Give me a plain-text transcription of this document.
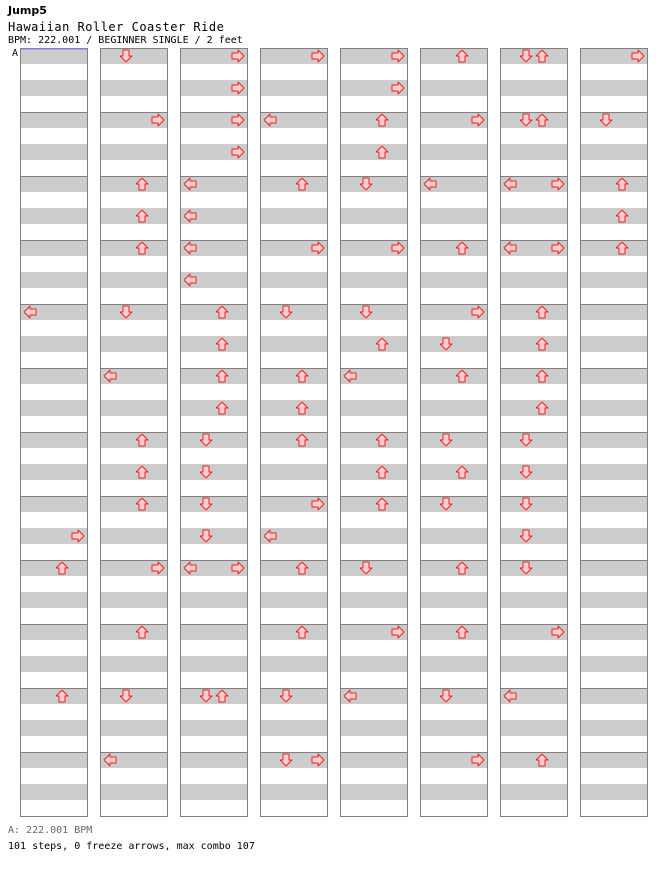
Jump5
Hawaiian Roller Coaster Ride
BPM: 222.001 / BEGINNER SINGLE / 2 feet
A
A: 222.001 BPM
101 steps, 0 freeze arrows, max combo 107
